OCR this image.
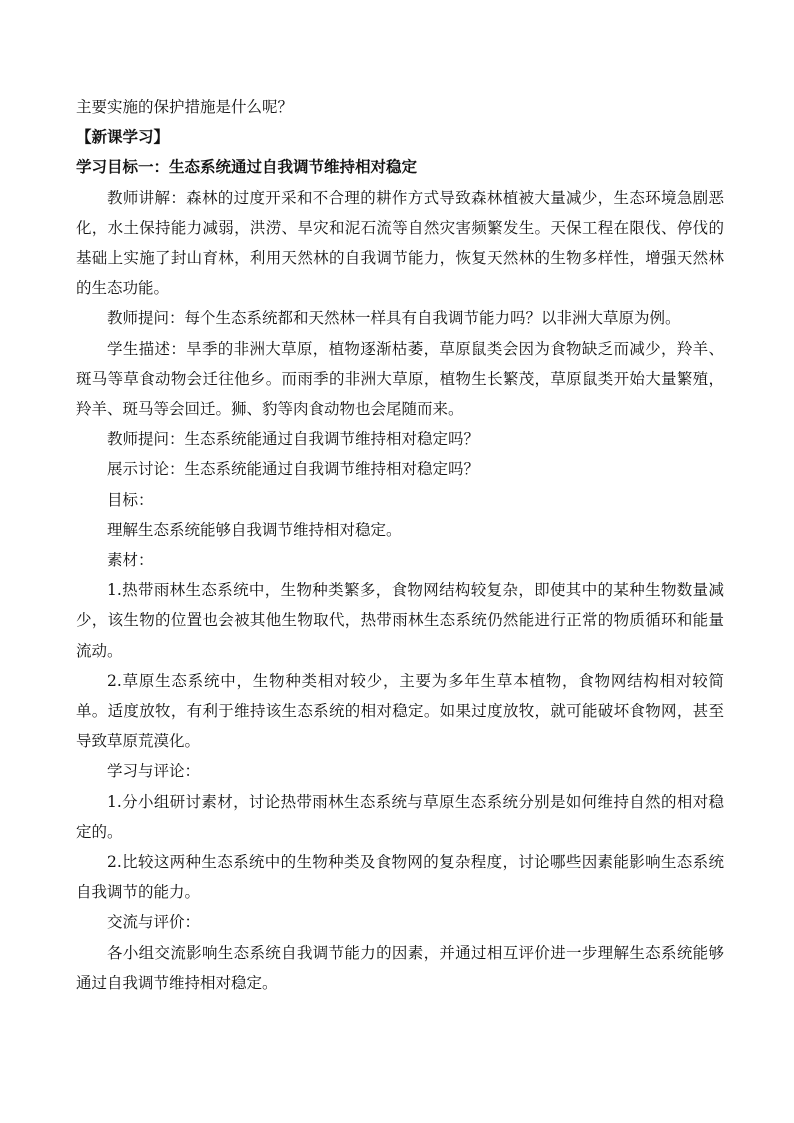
主要实施的保护措施是什么呢？

【新课学习】

学习目标一：生态系统通过自我调节维持相对稳定

教师讲解：森林的过度开采和不合理的耕作方式导致森林植被大量减少，生态环境急剧恶化，水土保持能力减弱，洪涝、旱灾和泥石流等自然灾害频繁发生。天保工程在限伐、停伐的基础上实施了封山育林，利用天然林的自我调节能力，恢复天然林的生物多样性，增强天然林的生态功能。

教师提问：每个生态系统都和天然林一样具有自我调节能力吗？以非洲大草原为例。

学生描述：旱季的非洲大草原，植物逐渐枯萎，草原鼠类会因为食物缺乏而减少，羚羊、斑马等草食动物会迁往他乡。而雨季的非洲大草原，植物生长繁茂，草原鼠类开始大量繁殖，羚羊、斑马等会回迁。狮、豹等肉食动物也会尾随而来。

教师提问：生态系统能通过自我调节维持相对稳定吗？

展示讨论：生态系统能通过自我调节维持相对稳定吗？

目标：

理解生态系统能够自我调节维持相对稳定。

素材：

1.热带雨林生态系统中，生物种类繁多，食物网结构较复杂，即使其中的某种生物数量减少，该生物的位置也会被其他生物取代，热带雨林生态系统仍然能进行正常的物质循环和能量流动。

2.草原生态系统中，生物种类相对较少，主要为多年生草本植物，食物网结构相对较简单。适度放牧，有利于维持该生态系统的相对稳定。如果过度放牧，就可能破坏食物网，甚至导致草原荒漠化。

学习与评论：

1.分小组研讨素材，讨论热带雨林生态系统与草原生态系统分别是如何维持自然的相对稳定的。

2.比较这两种生态系统中的生物种类及食物网的复杂程度，讨论哪些因素能影响生态系统自我调节的能力。

交流与评价：

各小组交流影响生态系统自我调节能力的因素，并通过相互评价进一步理解生态系统能够通过自我调节维持相对稳定。
